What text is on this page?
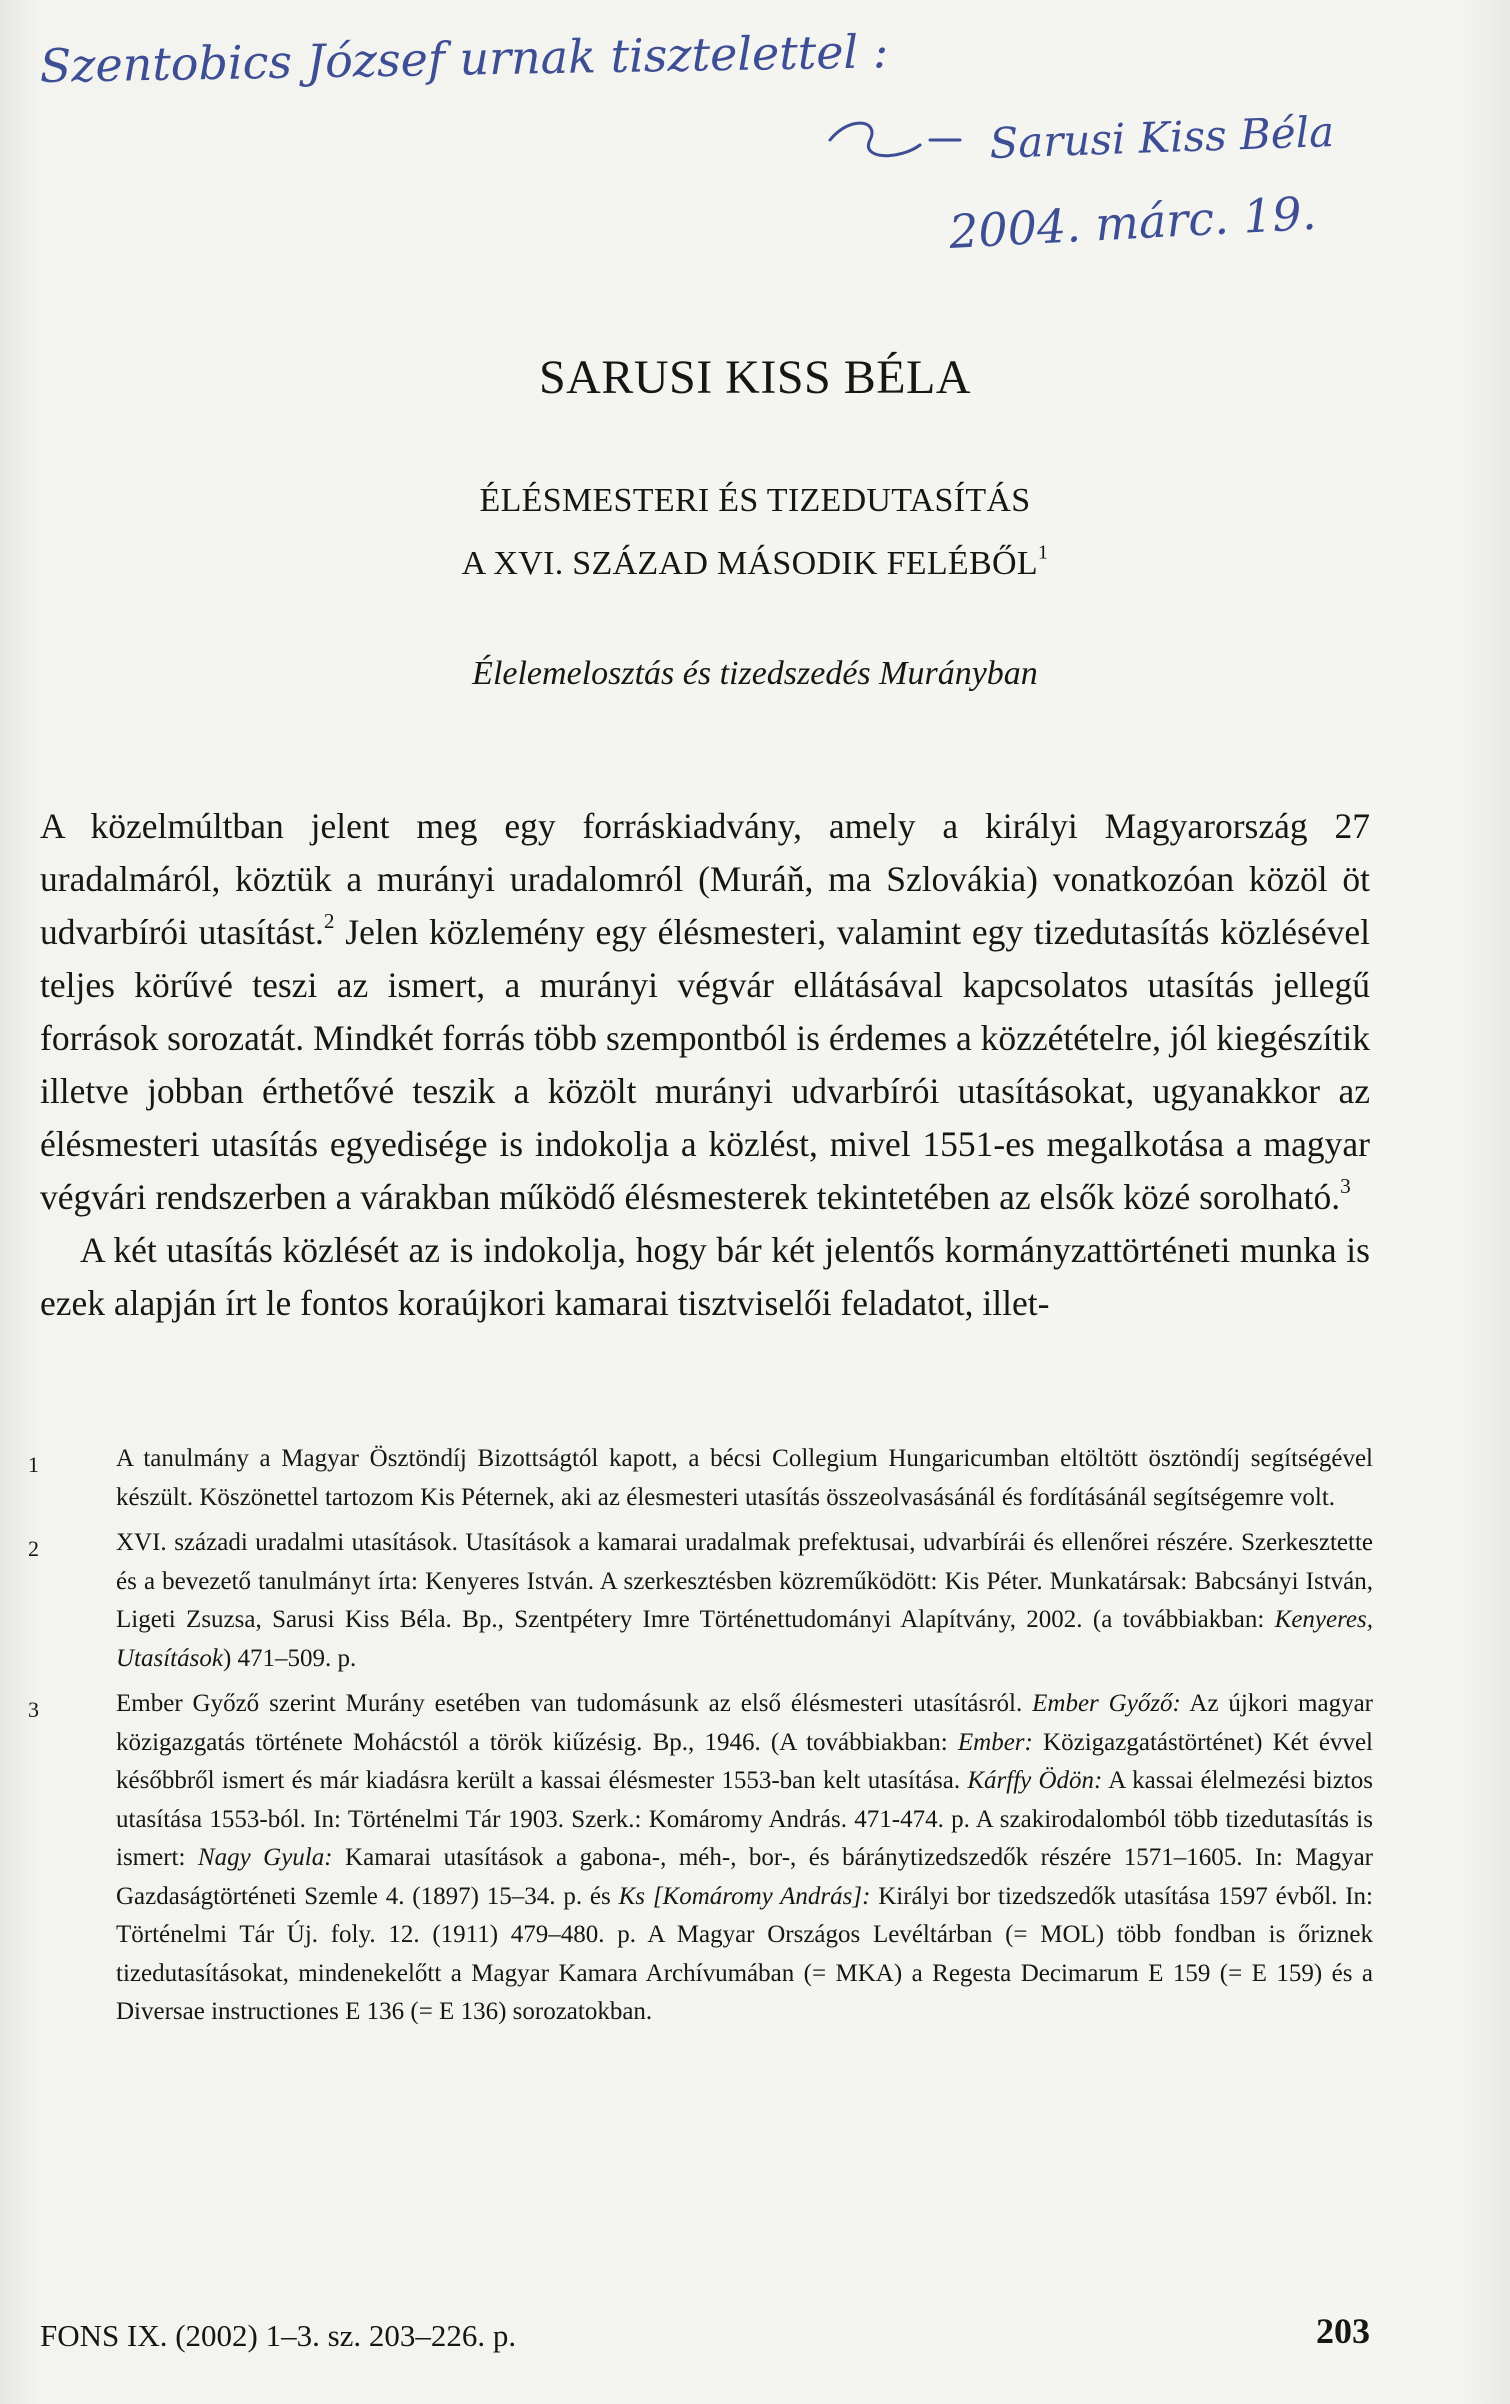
Szentobics József urnak tisztelettel :
Sarusi Kiss Béla
2004. márc. 19.
SARUSI KISS BÉLA
ÉLÉSMESTERI ÉS TIZEDUTASÍTÁS
A XVI. SZÁZAD MÁSODIK FELÉBŐL$^1$
Élelemelosztás és tizedszedés Murányban

A közelmúltban jelent meg egy forráskiadvány, amely a királyi Magyarország 27 uradalmáról, köztük a murányi uradalomról (Muráň, ma Szlovákia) vonatkozóan közöl öt udvarbírói utasítást.$^2$ Jelen közlemény egy élésmesteri, valamint egy tizedutasítás közlésével teljes körűvé teszi az ismert, a murányi végvár ellátásával kapcsolatos utasítás jellegű források sorozatát. Mindkét forrás több szempontból is érdemes a közzétételre, jól kiegészítik illetve jobban érthetővé teszik a közölt murányi udvarbírói utasításokat, ugyanakkor az élésmesteri utasítás egyedisége is indokolja a közlést, mivel 1551-es megalkotása a magyar végvári rendszerben a várakban működő élésmesterek tekintetében az elsők közé sorolható.$^3$

A két utasítás közlését az is indokolja, hogy bár két jelentős kormányzattörténeti munka is ezek alapján írt le fontos koraújkori kamarai tisztviselői feladatot, illet-

1	A tanulmány a Magyar Ösztöndíj Bizottságtól kapott, a bécsi Collegium Hungaricumban eltöltött ösztöndíj segítségével készült. Köszönettel tartozom Kis Péternek, aki az élesmesteri utasítás összeolvasásánál és fordításánál segítségemre volt.
2	XVI. századi uradalmi utasítások. Utasítások a kamarai uradalmak prefektusai, udvarbírái és ellenőrei részére. Szerkesztette és a bevezető tanulmányt írta: Kenyeres István. A szerkesztésben közreműködött: Kis Péter. Munkatársak: Babcsányi István, Ligeti Zsuzsa, Sarusi Kiss Béla. Bp., Szentpétery Imre Történettudományi Alapítvány, 2002. (a továbbiakban: Kenyeres, Utasítások) 471–509. p.
3	Ember Győző szerint Murány esetében van tudomásunk az első élésmesteri utasításról. Ember Győző: Az újkori magyar közigazgatás története Mohácstól a török kiűzésig. Bp., 1946. (A továbbiakban: Ember: Közigazgatástörténet) Két évvel későbbről ismert és már kiadásra került a kassai élésmester 1553-ban kelt utasítása. Kárffy Ödön: A kassai élelmezési biztos utasítása 1553-ból. In: Történelmi Tár 1903. Szerk.: Komáromy András. 471-474. p. A szakirodalomból több tizedutasítás is ismert: Nagy Gyula: Kamarai utasítások a gabona-, méh-, bor-, és báránytizedszedők részére 1571–1605. In: Magyar Gazdaságtörténeti Szemle 4. (1897) 15–34. p. és Ks [Komáromy András]: Királyi bor tizedszedők utasítása 1597 évből. In: Történelmi Tár Új. foly. 12. (1911) 479–480. p. A Magyar Országos Levéltárban (= MOL) több fondban is őriznek tizedutasításokat, mindenekelőtt a Magyar Kamara Archívumában (= MKA) a Regesta Decimarum E 159 (= E 159) és a Diversae instructiones E 136 (= E 136) sorozatokban.
FONS IX. (2002) 1–3. sz. 203–226. p.	203
